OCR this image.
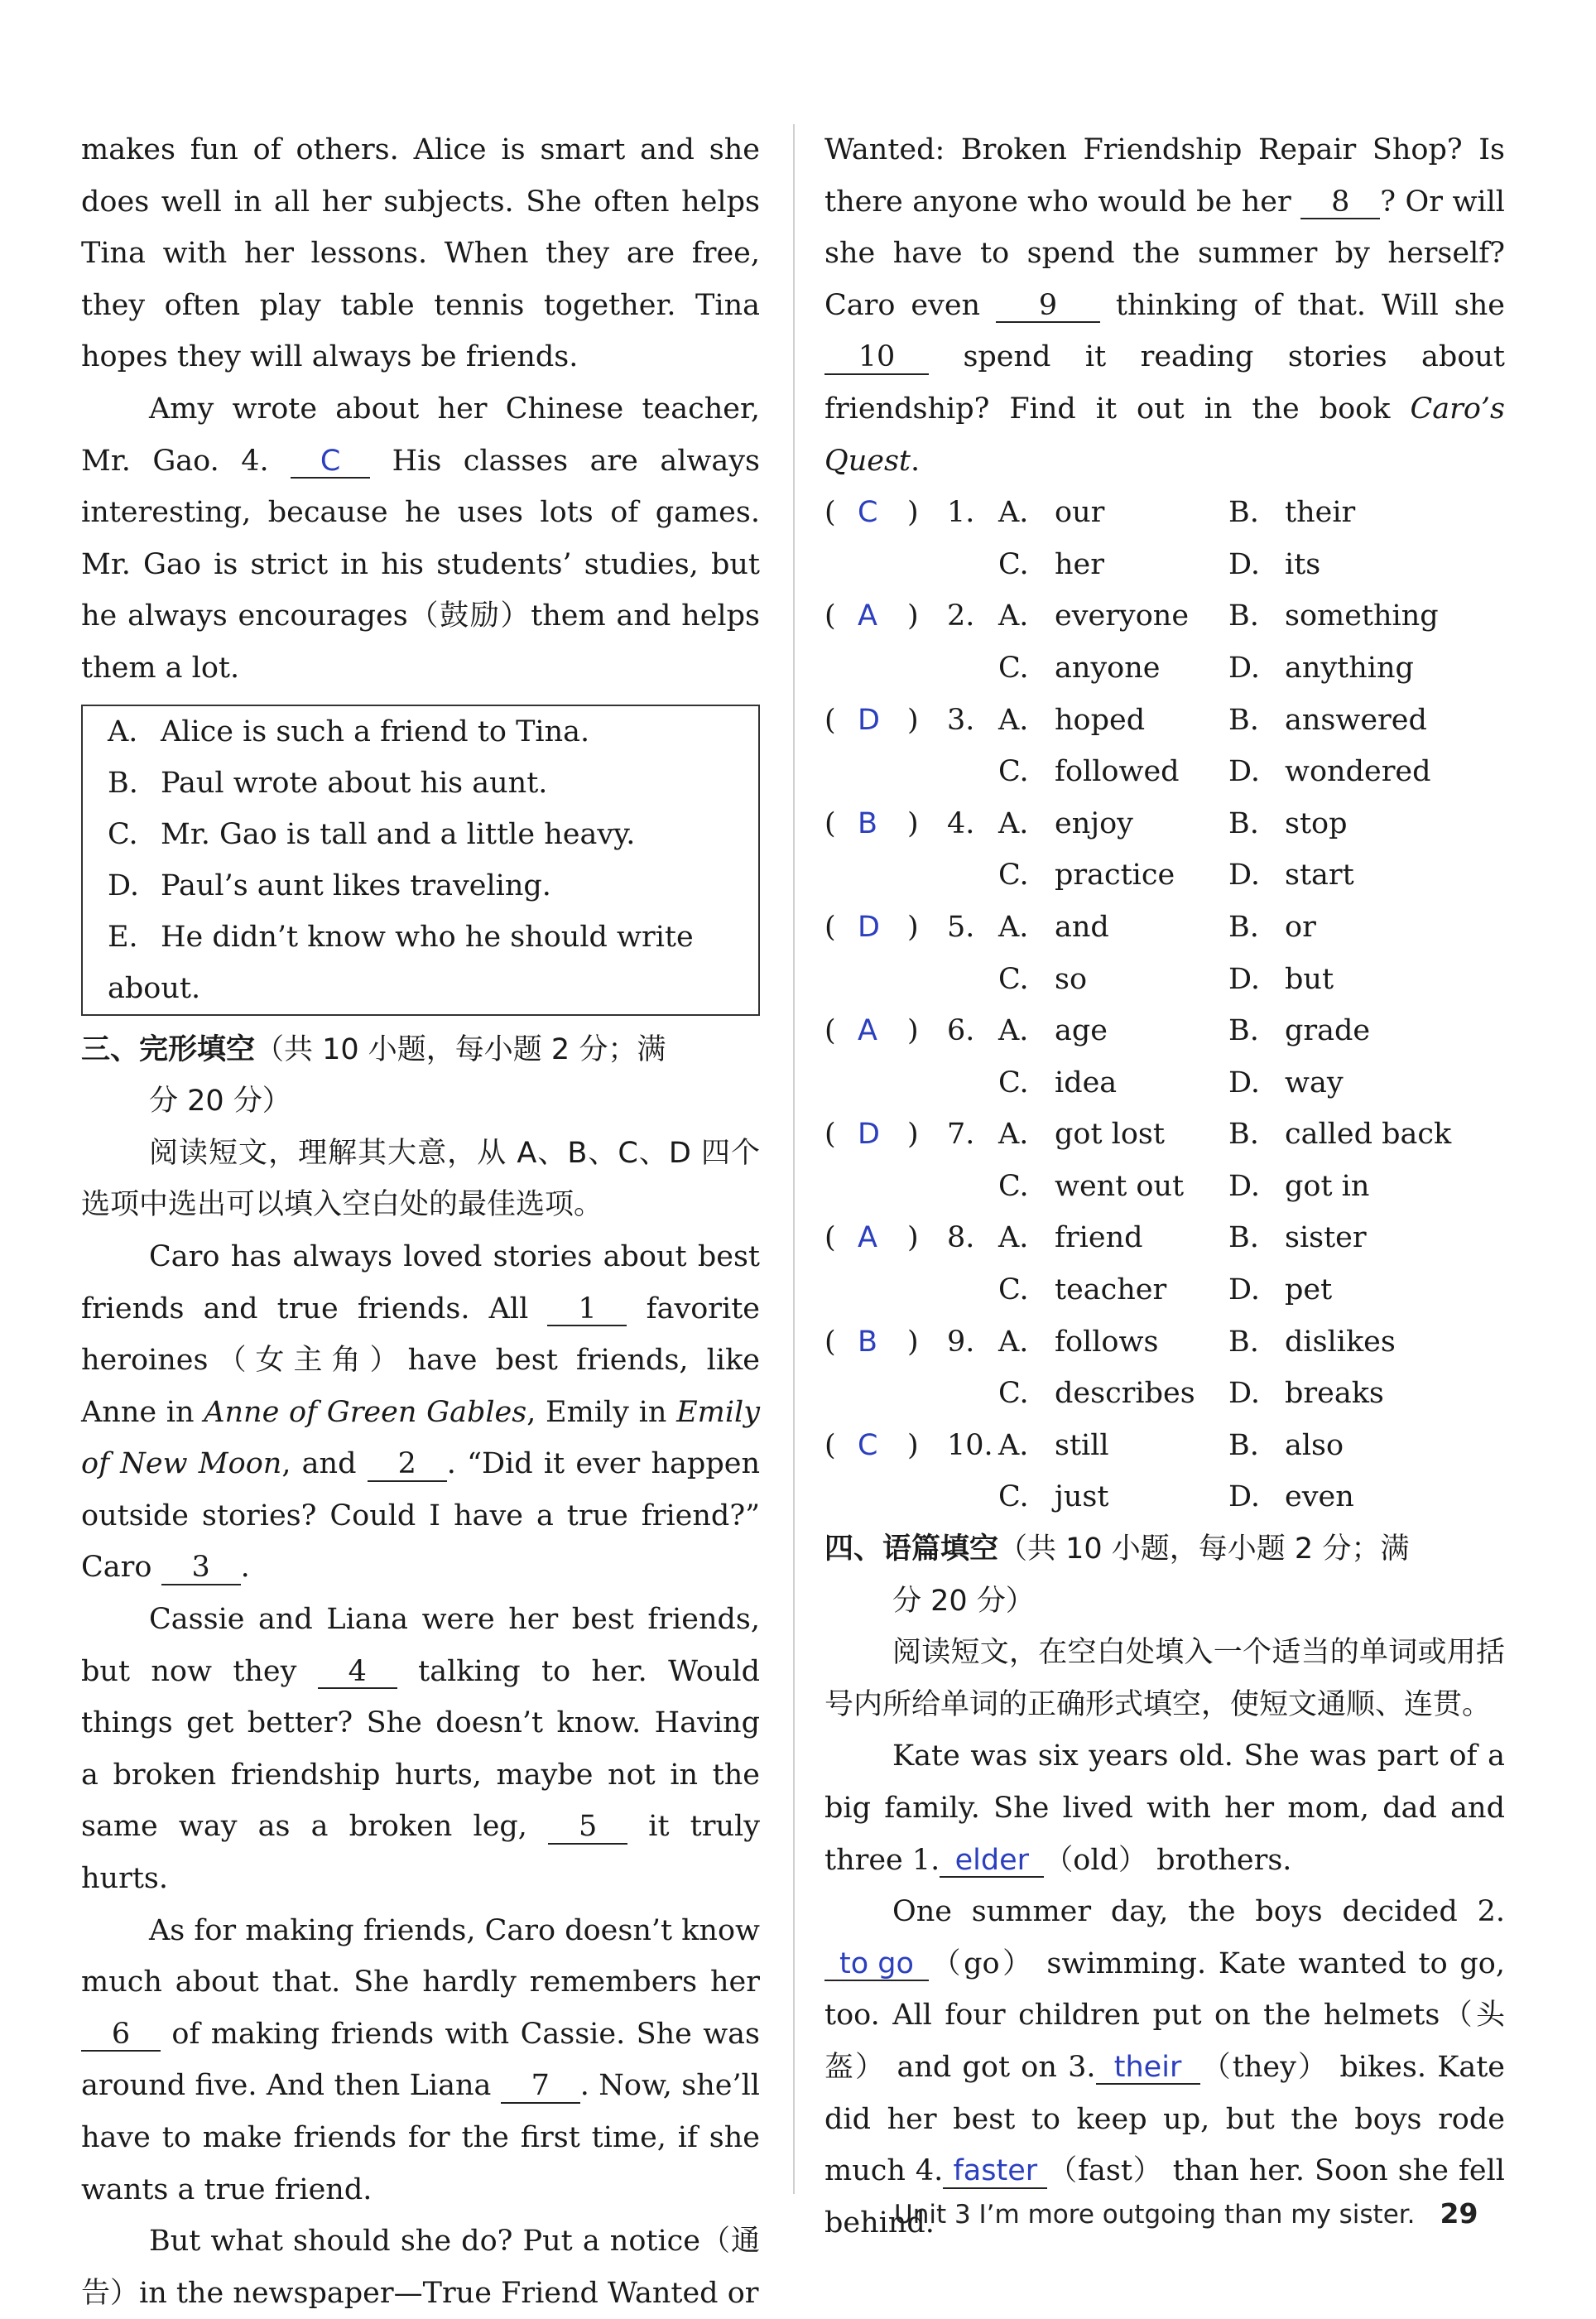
makes fun of others. Alice is smart and she does well in all her subjects. She often helps Tina with her lessons. When they are free, they often play table tennis together. Tina hopes they will always be friends.

Amy wrote about her Chinese teacher, Mr. Gao. 4. C His classes are always interesting, because he uses lots of games. Mr. Gao is strict in his students’ studies, but he always encourages（鼓励）them and helps them a lot.

A. Alice is such a friend to Tina.
B. Paul wrote about his aunt.
C. Mr. Gao is tall and a little heavy.
D. Paul’s aunt likes traveling.
E. He didn’t know who he should write about.
三、完形填空（共 10 小题，每小题 2 分；满
分 20 分）

阅读短文，理解其大意，从 A、B、C、D 四个选项中选出可以填入空白处的最佳选项。

Caro has always loved stories about best friends and true friends. All 1 favorite heroines（女主角）have best friends, like Anne in Anne of Green Gables, Emily in Emily of New Moon, and 2 . “Did it ever happen outside stories? Could I have a true friend?” Caro 3 .

Cassie and Liana were her best friends, but now they 4 talking to her. Would things get better? She doesn’t know. Having a broken friendship hurts, maybe not in the same way as a broken leg, 5 it truly hurts.

As for making friends, Caro doesn’t know much about that. She hardly remembers her 6 of making friends with Cassie. She was around five. And then Liana 7 . Now, she’ll have to make friends for the first time, if she wants a true friend.

But what should she do? Put a notice（通告）in the newspaper—True Friend Wanted or

Wanted: Broken Friendship Repair Shop? Is there anyone who would be her 8 ? Or will she have to spend the summer by herself? Caro even 9 thinking of that. Will she 10 spend it reading stories about friendship? Find it out in the book Caro’s Quest.

( C ) 1. A. our	B. their
C. her	D. its
( A ) 2. A. everyone B. something
C. anyone D. anything
( D ) 3. A. hoped	B. answered
C. followed D. wondered
( B ) 4. A. enjoy	B. stop
C. practice D. start
( D ) 5. A. and	B. or
C. so	D. but
( A ) 6. A. age	B. grade
C. idea	D. way
( D ) 7. A. got lost B. called back
C. went out D. got in
( A ) 8. A. friend	B. sister
C. teacher D. pet
( B ) 9. A. follows B. dislikes
C. describes D. breaks
( C ) 10. A. still	B. also
C. just	D. even
四、语篇填空（共 10 小题，每小题 2 分；满
分 20 分）

阅读短文，在空白处填入一个适当的单词或用括号内所给单词的正确形式填空，使短文通顺、连贯。

Kate was six years old. She was part of a big family. She lived with her mom, dad and three 1. elder （old） brothers.

One summer day, the boys decided 2.to go （go） swimming. Kate wanted to go, too. All four children put on the helmets（头盔） and got on 3. their （they） bikes. Kate did her best to keep up, but the boys rode much 4. faster （fast） than her. Soon she fell behind.

Unit 3 I’m more outgoing than my sister. 29
